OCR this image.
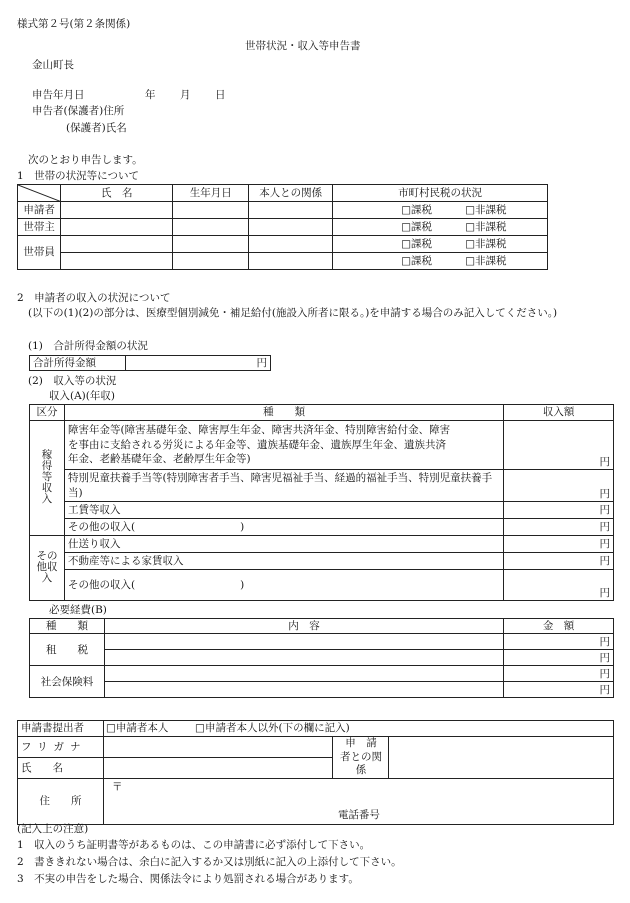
様式第２号(第２条関係)
世帯状況・収入等申告書
金山町長
申告年月日	年 月 日
申告者(保護者)住所
(保護者)氏名
次のとおり申告します。
1　世帯の状況等について
	氏　名	生年月日	本人との関係	市町村民税の状況	
申請者				□課税	□非課税
世帯主				□課税	□非課税
世帯員				□課税	□非課税
				□課税	□非課税
2　申請者の収入の状況について
(以下の(1)(2)の部分は、医療型個別減免・補足給付(施設入所者に限る。)を申請する場合のみ記入してください。)
(1)　合計所得金額の状況
合計所得金額	円
(2)　収入等の状況
収入(A)(年収)
区分	種　　類	収入額
稼得等収入	障害年金等(障害基礎年金、障害厚生年金、障害共済年金、特別障害給付金、障害を事由に支給される労災による年金等、遺族基礎年金、遺族厚生年金、遺族共済年金、老齢基礎年金、老齢厚生年金等)	円
	特別児童扶養手当等(特別障害者手当、障害児福祉手当、経過的福祉手当、特別児童扶養手当)	円
	工賃等収入	円
	その他の収入(　　　　　　　　　　)	円
その他収入	仕送り収入	円
	不動産等による家賃収入	円
	その他の収入(　　　　　　　　　　)	円
必要経費(B)
種　　類	内　容	金　額
租　　税		円
		円
社会保険料		円
		円
申請書提出者	□申請者本人 □申請者本人以外(下の欄に記入)		
フリガナ		申　請　者との関係	
氏　　名			
住　　所	〒
電話番号		
(記入上の注意)
1　収入のうち証明書等があるものは、この申請書に必ず添付して下さい。
2　書ききれない場合は、余白に記入するか又は別紙に記入の上添付して下さい。
3　不実の申告をした場合、関係法令により処罰される場合があります。
